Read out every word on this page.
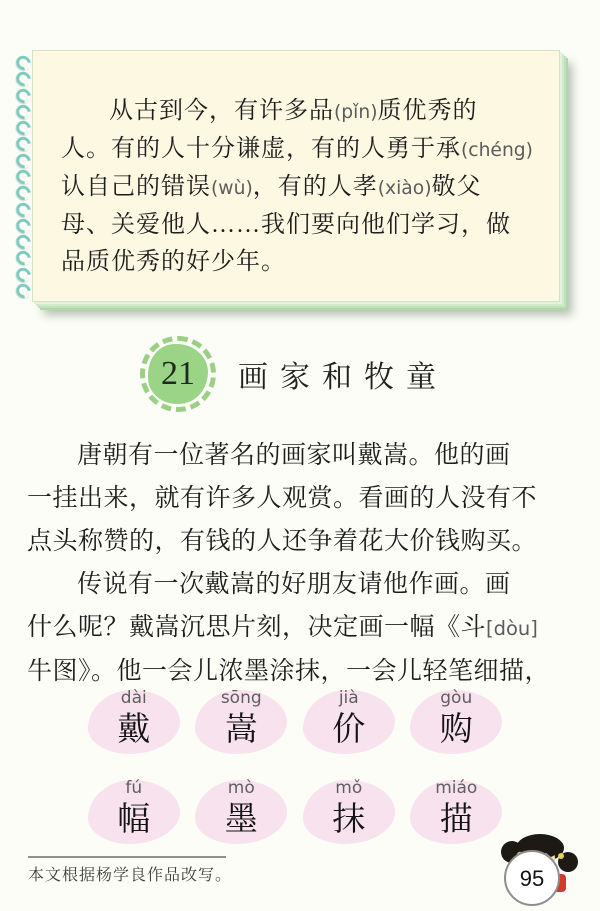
从古到今，有许多品(pǐn)质优秀的
人。有的人十分谦虚，有的人勇于承(chéng)
认自己的错误(wù)，有的人孝(xiào)敬父
母、关爱他人……我们要向他们学习，做
品质优秀的好少年。
21	画家和牧童
唐朝有一位著名的画家叫戴嵩。他的画
一挂出来，就有许多人观赏。看画的人没有不
点头称赞的，有钱的人还争着花大价钱购买。
传说有一次戴嵩的好朋友请他作画。画
什么呢？戴嵩沉思片刻，决定画一幅《斗[dòu]
牛图》。他一会儿浓墨涂抹，一会儿轻笔细描，
dài
戴
sōng
嵩
jià
价
gòu
购
fú
幅
mò
墨
mǒ
抹
miáo
描
本文根据杨学良作品改写。	95
